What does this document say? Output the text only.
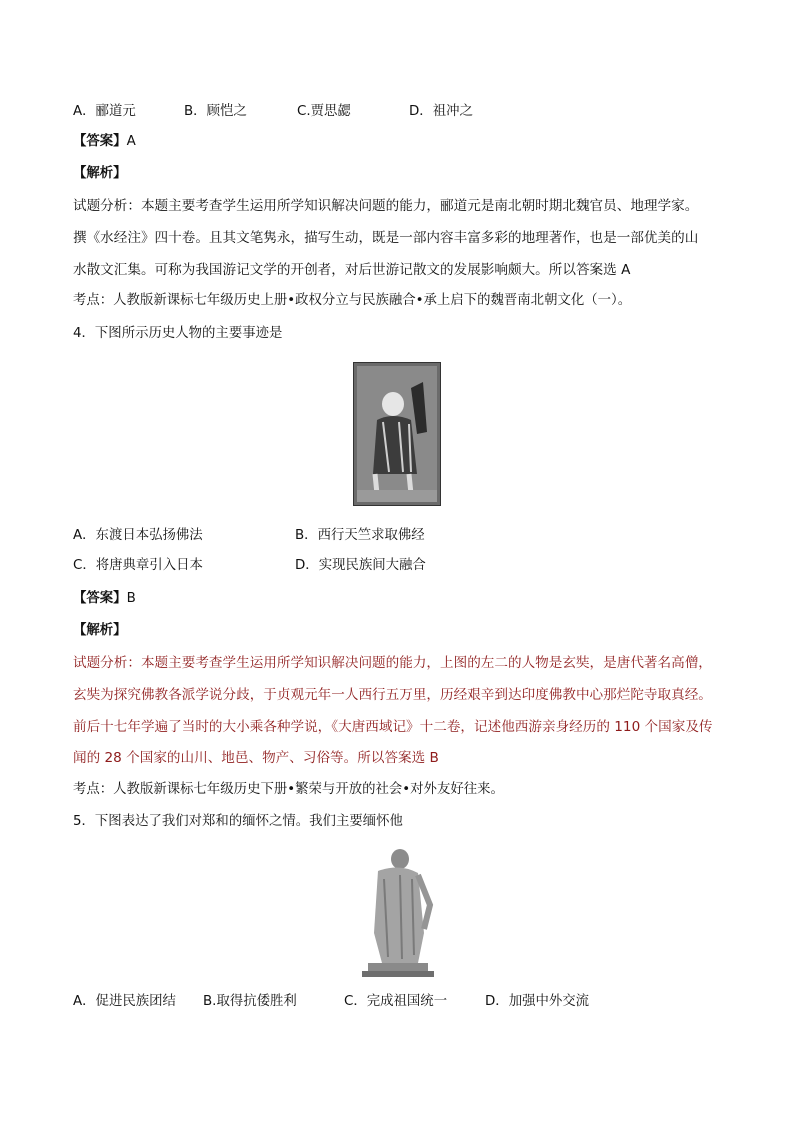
A．郦道元	B．顾恺之	C.贾思勰	D．祖冲之
【答案】A
【解析】
试题分析：本题主要考查学生运用所学知识解决问题的能力，郦道元是南北朝时期北魏官员、地理学家。
撰《水经注》四十卷。且其文笔隽永，描写生动，既是一部内容丰富多彩的地理著作，也是一部优美的山
水散文汇集。可称为我国游记文学的开创者，对后世游记散文的发展影响颇大。所以答案选 A
考点：人教版新课标七年级历史上册•政权分立与民族融合•承上启下的魏晋南北朝文化（一）。
4．下图所示历史人物的主要事迹是
A．东渡日本弘扬佛法	B．西行天竺求取佛经
C．将唐典章引入日本	D．实现民族间大融合
【答案】B
【解析】
试题分析：本题主要考查学生运用所学知识解决问题的能力，上图的左二的人物是玄奘，是唐代著名高僧，
玄奘为探究佛教各派学说分歧，于贞观元年一人西行五万里，历经艰辛到达印度佛教中心那烂陀寺取真经。
前后十七年学遍了当时的大小乘各种学说，《大唐西域记》十二卷，记述他西游亲身经历的 110 个国家及传
闻的 28 个国家的山川、地邑、物产、习俗等。所以答案选 B
考点：人教版新课标七年级历史下册•繁荣与开放的社会•对外友好往来。
5．下图表达了我们对郑和的缅怀之情。我们主要缅怀他
A．促进民族团结 B.取得抗倭胜利	C．完成祖国统一	D．加强中外交流
